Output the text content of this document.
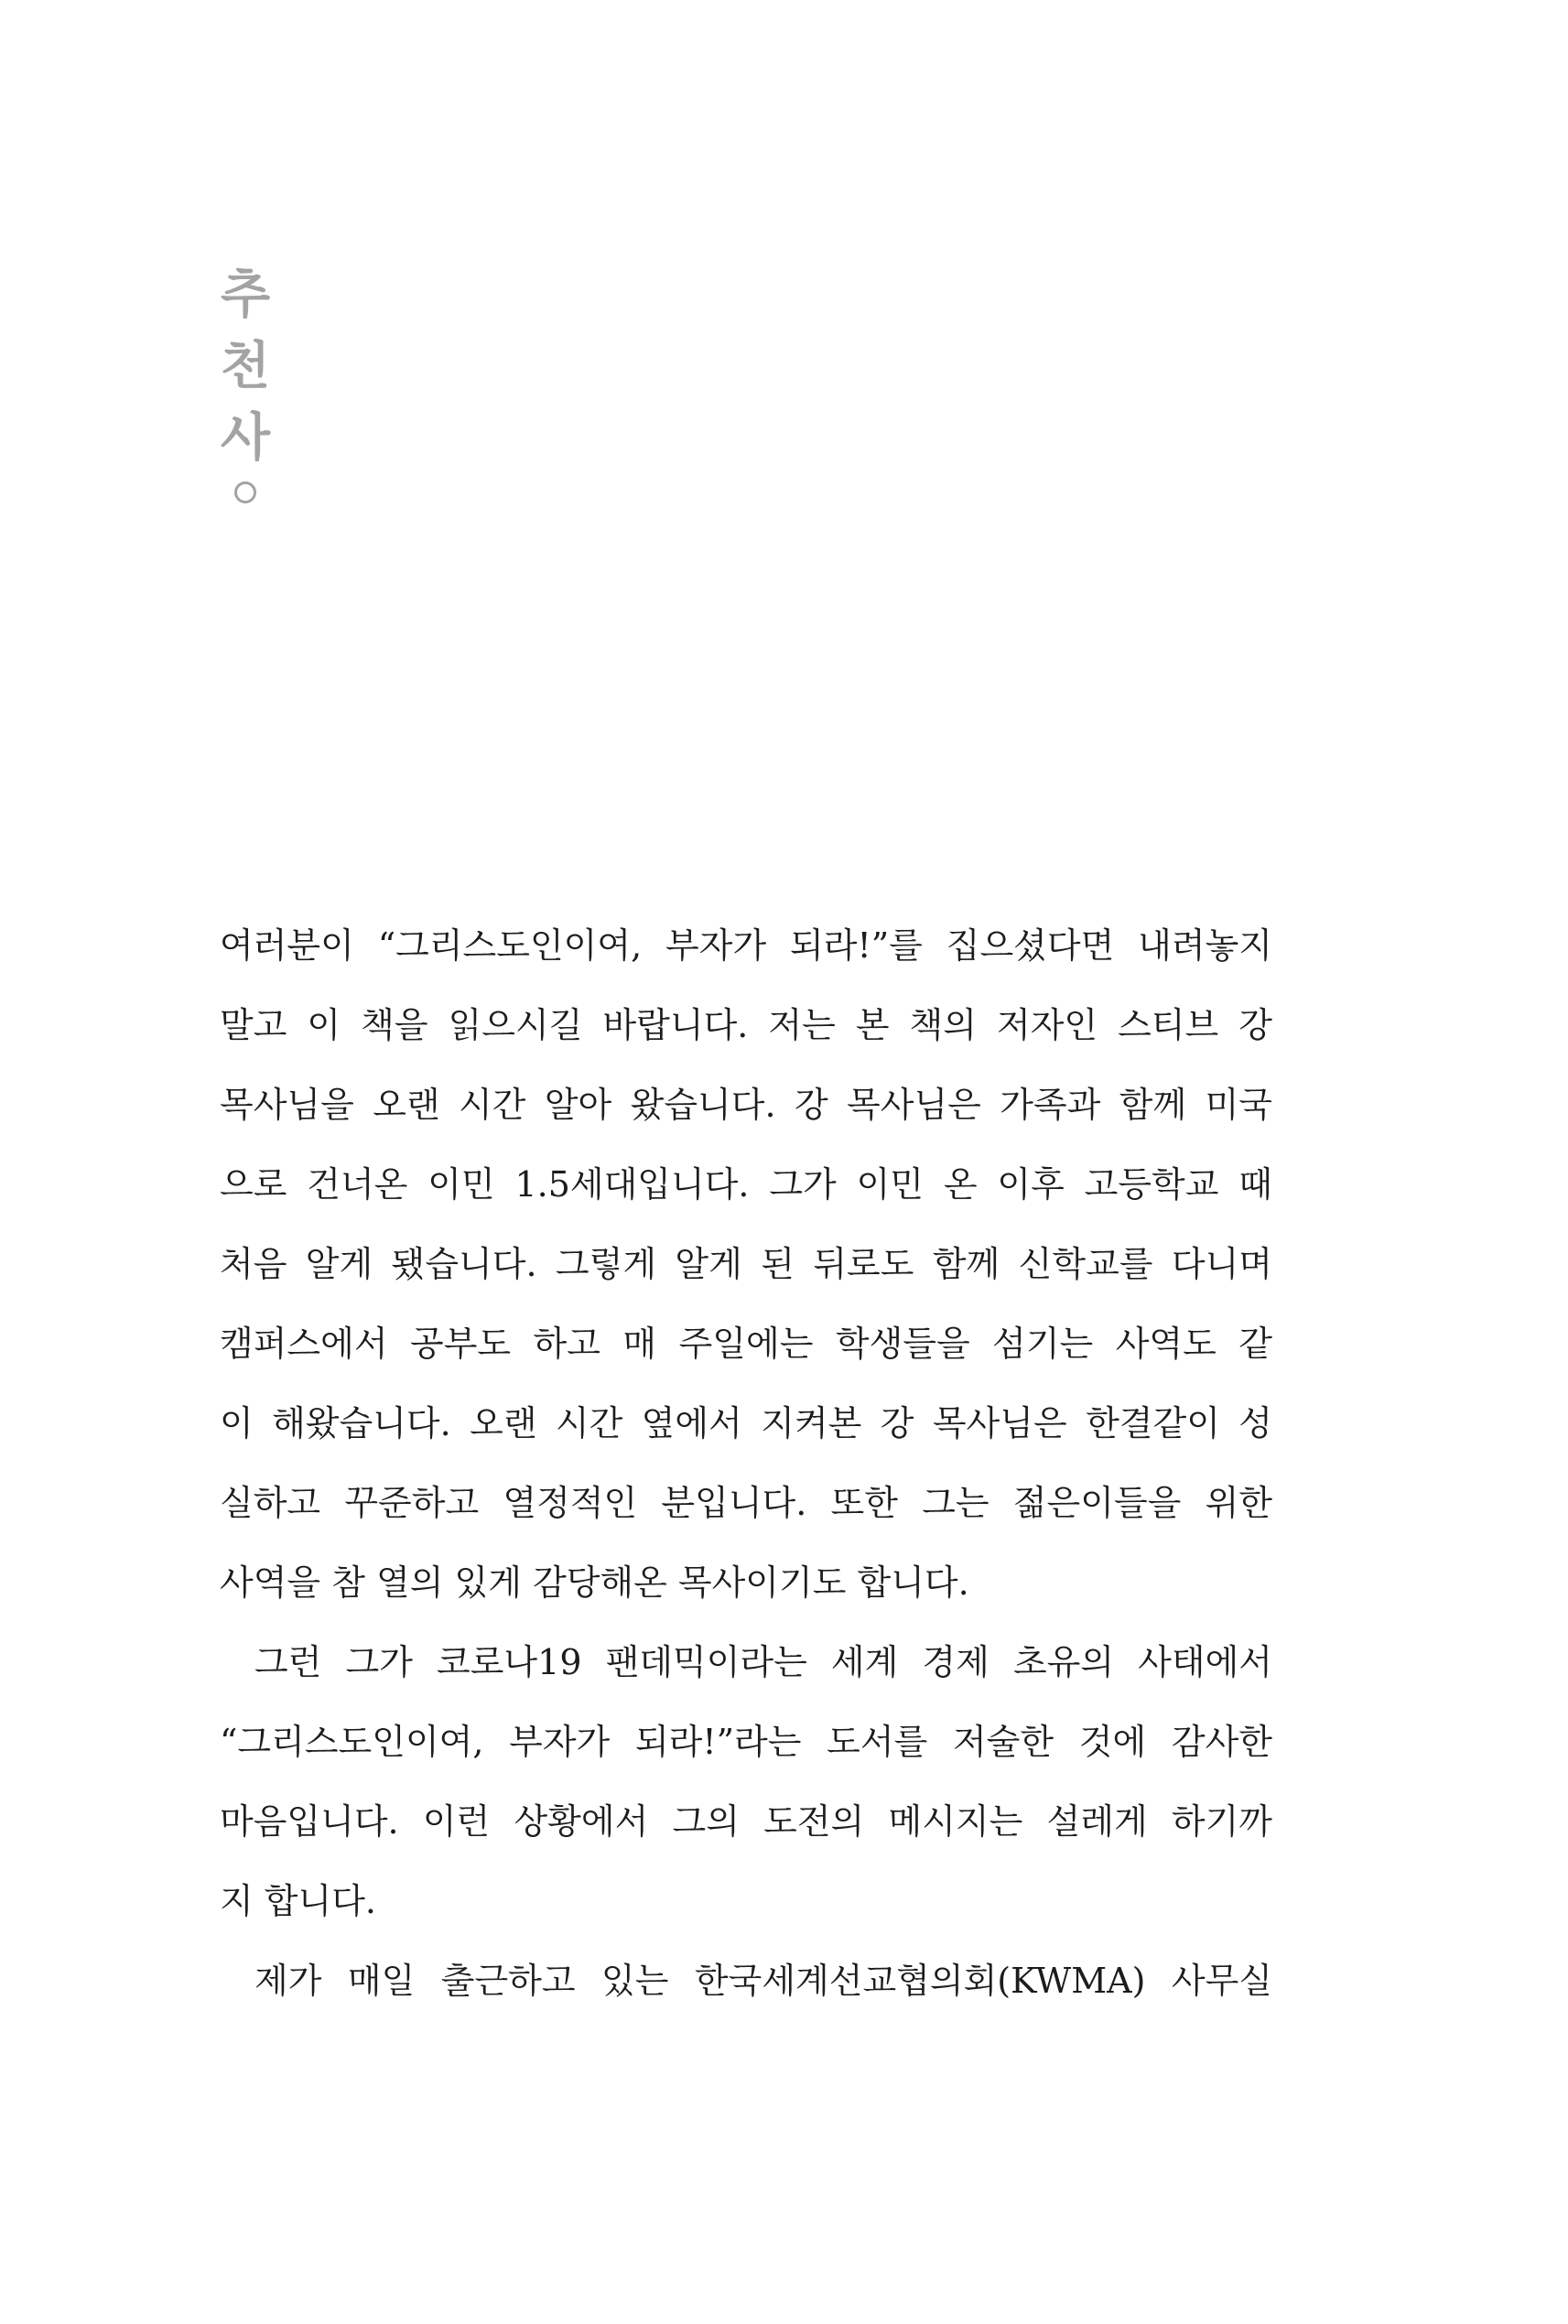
추
천
사
여러분이 “그리스도인이여, 부자가 되라!”를 집으셨다면 내려놓지
말고 이 책을 읽으시길 바랍니다. 저는 본 책의 저자인 스티브 강
목사님을 오랜 시간 알아 왔습니다. 강 목사님은 가족과 함께 미국
으로 건너온 이민 1.5세대입니다. 그가 이민 온 이후 고등학교 때
처음 알게 됐습니다. 그렇게 알게 된 뒤로도 함께 신학교를 다니며
캠퍼스에서 공부도 하고 매 주일에는 학생들을 섬기는 사역도 같
이 해왔습니다. 오랜 시간 옆에서 지켜본 강 목사님은 한결같이 성
실하고 꾸준하고 열정적인 분입니다. 또한 그는 젊은이들을 위한
사역을 참 열의 있게 감당해온 목사이기도 합니다.
그런 그가 코로나19 팬데믹이라는 세계 경제 초유의 사태에서
“그리스도인이여, 부자가 되라!”라는 도서를 저술한 것에 감사한
마음입니다. 이런 상황에서 그의 도전의 메시지는 설레게 하기까
지 합니다.
제가 매일 출근하고 있는 한국세계선교협의회(KWMA) 사무실
